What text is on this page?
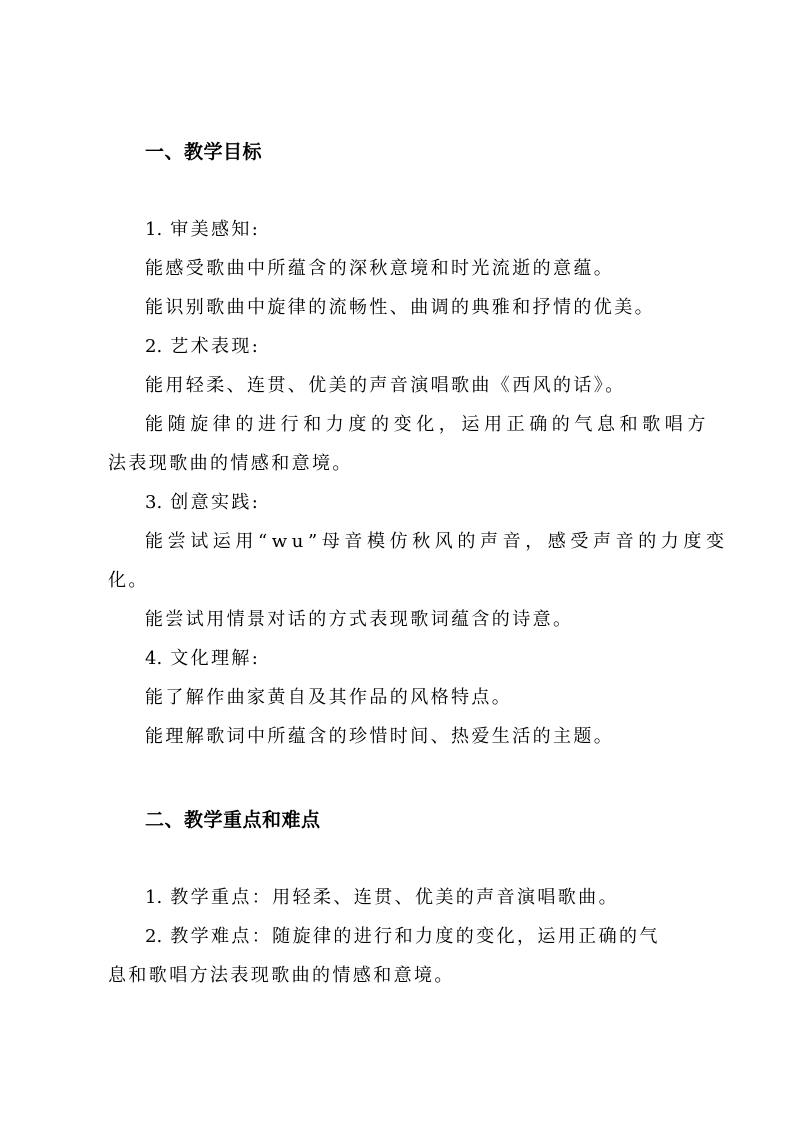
一、教学目标
1. 审美感知:
能感受歌曲中所蕴含的深秋意境和时光流逝的意蕴。
能识别歌曲中旋律的流畅性、曲调的典雅和抒情的优美。
2. 艺术表现:
能用轻柔、连贯、优美的声音演唱歌曲《西风的话》。
能随旋律的进行和力度的变化，运用正确的气息和歌唱方
法表现歌曲的情感和意境。
3. 创意实践:
能尝试运用“wu”母音模仿秋风的声音，感受声音的力度变
化。
能尝试用情景对话的方式表现歌词蕴含的诗意。
4. 文化理解:
能了解作曲家黄自及其作品的风格特点。
能理解歌词中所蕴含的珍惜时间、热爱生活的主题。
二、教学重点和难点
1. 教学重点：用轻柔、连贯、优美的声音演唱歌曲。
2. 教学难点：随旋律的进行和力度的变化，运用正确的气
息和歌唱方法表现歌曲的情感和意境。
